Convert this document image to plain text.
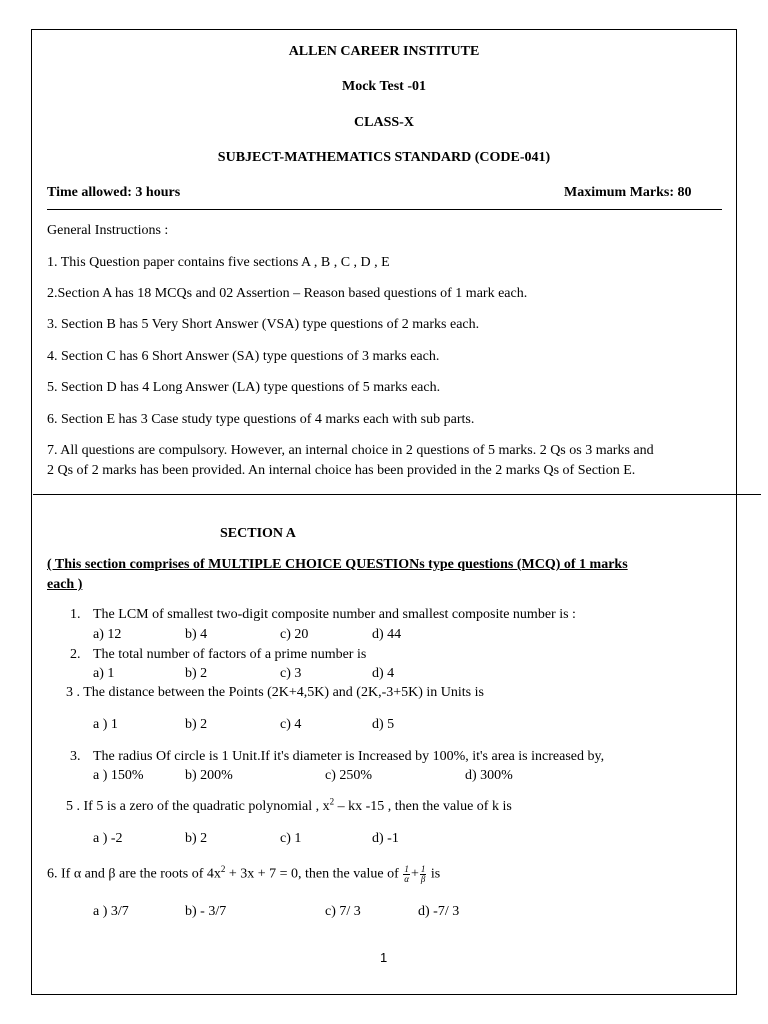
ALLEN CAREER INSTITUTE
Mock Test -01
CLASS-X
SUBJECT-MATHEMATICS STANDARD (CODE-041)
Time allowed: 3 hours	Maximum Marks: 80
General Instructions :
1. This Question paper contains five sections A , B , C , D , E
2.Section A has 18 MCQs and 02 Assertion – Reason based questions of 1 mark each.
3. Section B has 5 Very Short Answer (VSA) type questions of 2 marks each.
4. Section C has 6 Short Answer (SA) type questions of 3 marks each.
5. Section D has 4 Long Answer (LA) type questions of 5 marks each.
6. Section E has 3 Case study type questions of 4 marks each with sub parts.
7. All questions are compulsory. However, an internal choice in 2 questions of 5 marks. 2 Qs os 3 marks and
2 Qs of 2 marks has been provided. An internal choice has been provided in the 2 marks Qs of Section E.
SECTION A
( This section comprises of MULTIPLE CHOICE QUESTIONs type questions (MCQ) of 1 marks
each )
1. The LCM of smallest two-digit composite number and smallest composite number is :
a) 12	b) 4	c) 20	d) 44
2. The total number of factors of a prime number is
a) 1	b) 2	c) 3	d) 4
3 . The distance between the Points (2K+4,5K) and (2K,-3+5K) in Units is
a ) 1	b) 2	c) 4	d) 5
3. The radius Of circle is 1 Unit.If it's diameter is Increased by 100%, it's area is increased by,
a ) 150%	b) 200%	c) 250%	d) 300%
5 . If 5 is a zero of the quadratic polynomial , $x^2$ – kx -15 , then the value of k is
a ) -2	b) 2	c) 1	d) -1
6. If α and β are the roots of $4x^2 + 3x + 7 = 0$, then the value of $\frac{1}{\alpha} + \frac{1}{\beta}$ is
a ) 3/7	b) - 3/7	c) 7/ 3	d) -7/ 3
1
